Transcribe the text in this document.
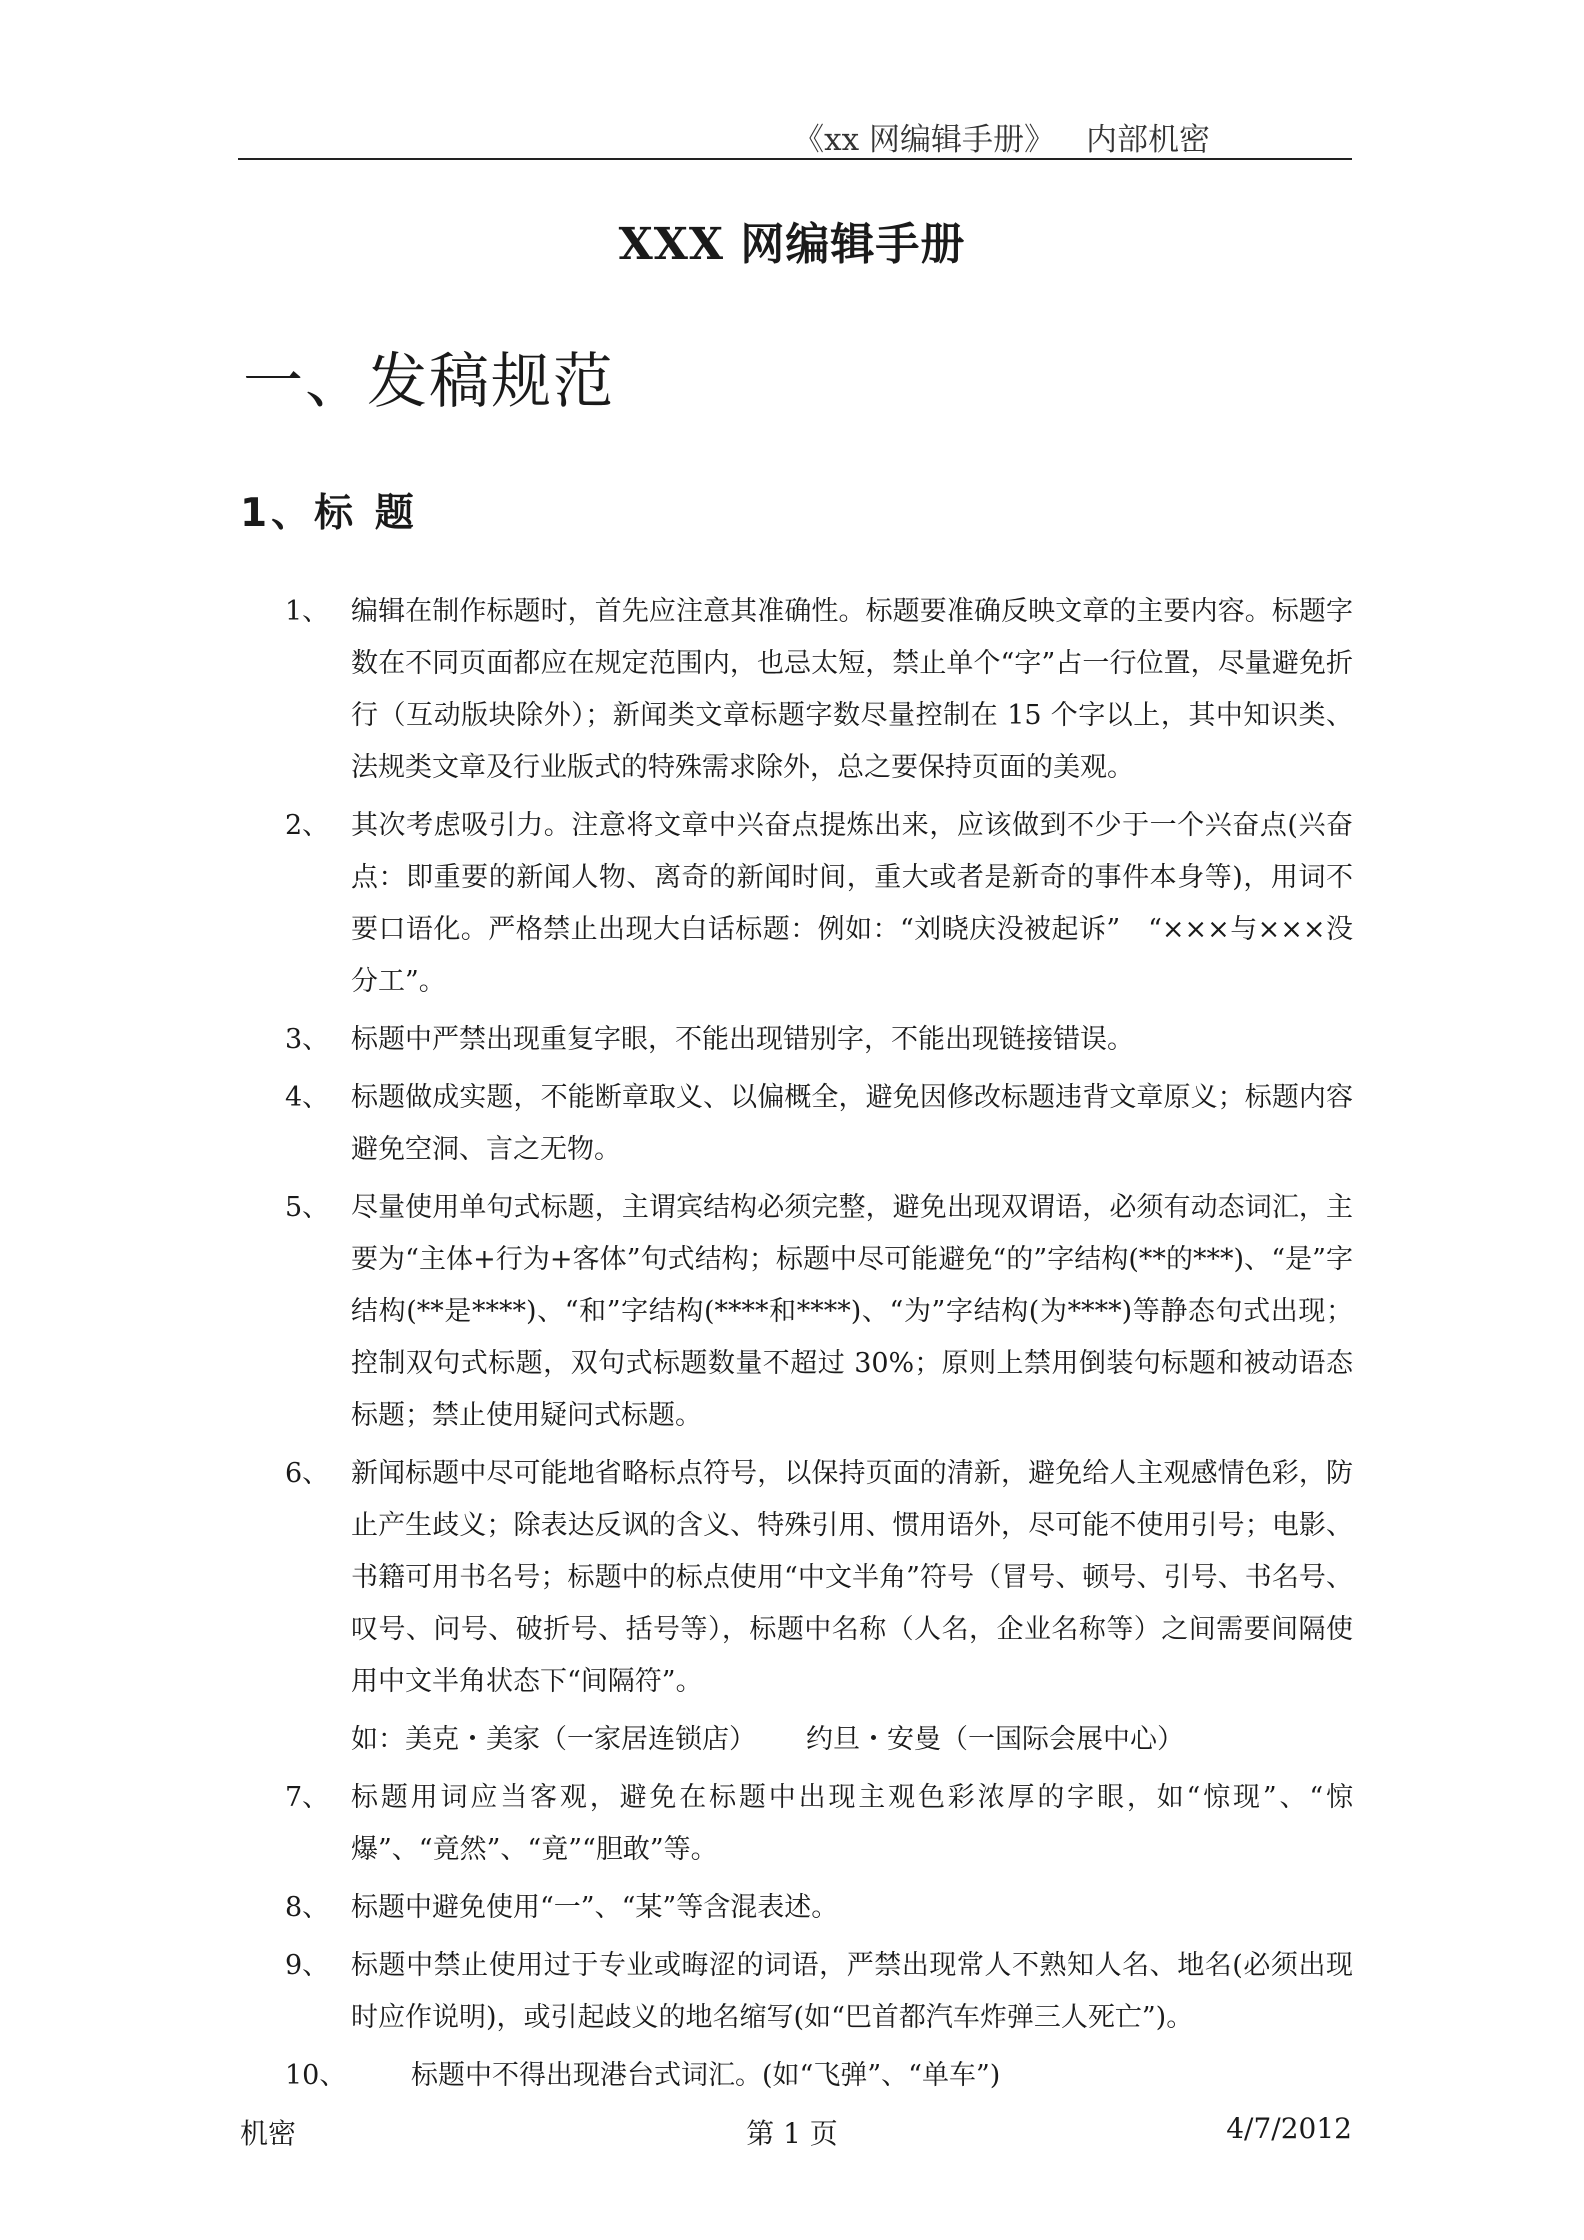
《xx 网编辑手册》  内部机密
XXX 网编辑手册
一、发稿规范
1、标 题
1、 编辑在制作标题时，首先应注意其准确性。标题要准确反映文章的主要内容。标题字数在不同页面都应在规定范围内，也忌太短，禁止单个“字”占一行位置，尽量避免折行（互动版块除外）；新闻类文章标题字数尽量控制在 15 个字以上，其中知识类、法规类文章及行业版式的特殊需求除外，总之要保持页面的美观。
2、 其次考虑吸引力。注意将文章中兴奋点提炼出来，应该做到不少于一个兴奋点(兴奋点：即重要的新闻人物、离奇的新闻时间，重大或者是新奇的事件本身等)，用词不要口语化。严格禁止出现大白话标题：例如：“刘晓庆没被起诉”　“×××与×××没分工”。
3、 标题中严禁出现重复字眼，不能出现错别字，不能出现链接错误。
4、 标题做成实题，不能断章取义、以偏概全，避免因修改标题违背文章原义；标题内容避免空洞、言之无物。
5、 尽量使用单句式标题，主谓宾结构必须完整，避免出现双谓语，必须有动态词汇，主要为“主体+行为+客体”句式结构；标题中尽可能避免“的”字结构(**的***)、“是”字结构(**是****)、“和”字结构(****和****)、“为”字结构(为****)等静态句式出现；控制双句式标题，双句式标题数量不超过 30%；原则上禁用倒装句标题和被动语态标题；禁止使用疑问式标题。
6、 新闻标题中尽可能地省略标点符号，以保持页面的清新，避免给人主观感情色彩，防止产生歧义；除表达反讽的含义、特殊引用、惯用语外，尽可能不使用引号；电影、书籍可用书名号；标题中的标点使用“中文半角”符号（冒号、顿号、引号、书名号、叹号、问号、破折号、括号等），标题中名称（人名，企业名称等）之间需要间隔使用中文半角状态下“间隔符”。
如：美克・美家（一家居连锁店） 约旦・安曼（一国际会展中心）
7、 标题用词应当客观，避免在标题中出现主观色彩浓厚的字眼，如“惊现”、“惊爆”、“竟然”、“竟”“胆敢”等。
8、 标题中避免使用“一”、“某”等含混表述。
9、 标题中禁止使用过于专业或晦涩的词语，严禁出现常人不熟知人名、地名(必须出现时应作说明)，或引起歧义的地名缩写(如“巴首都汽车炸弹三人死亡”)。
10、	标题中不得出现港台式词汇。(如“飞弹”、“单车”)
机密	第 1 页	4/7/2012
